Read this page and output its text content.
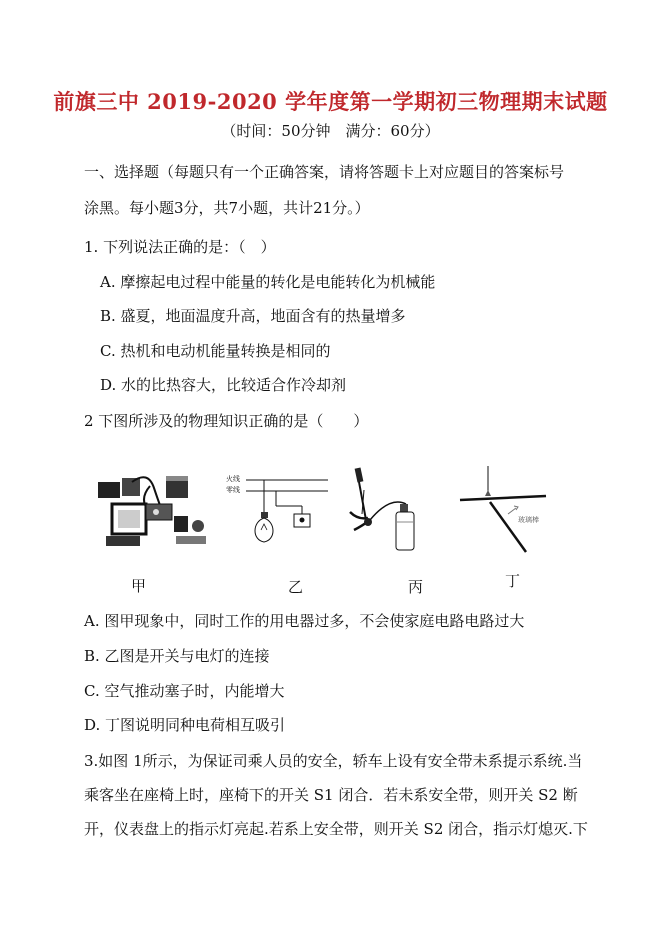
前旗三中 2019-2020 学年度第一学期初三物理期末试题
（时间：50分钟　满分：60分）
一、选择题（每题只有一个正确答案，请将答题卡上对应题目的答案标号
涂黑。每小题3分，共7小题，共计21分。）
1. 下列说法正确的是：（　）
A. 摩擦起电过程中能量的转化是电能转化为机械能
B. 盛夏，地面温度升高，地面含有的热量增多
C. 热机和电动机能量转换是相同的
D. 水的比热容大，比较适合作冷却剂
2 下图所涉及的物理知识正确的是（　　）
火线
零线
玻璃棒
甲	乙	丙	丁
A. 图甲现象中，同时工作的用电器过多，不会使家庭电路电路过大
B. 乙图是开关与电灯的连接
C. 空气推动塞子时，内能增大
D. 丁图说明同种电荷相互吸引
3.如图 1所示，为保证司乘人员的安全，轿车上设有安全带未系提示系统.当
乘客坐在座椅上时，座椅下的开关 S1 闭合．若未系安全带，则开关 S2 断
开，仪表盘上的指示灯亮起.若系上安全带，则开关 S2 闭合，指示灯熄灭.下
